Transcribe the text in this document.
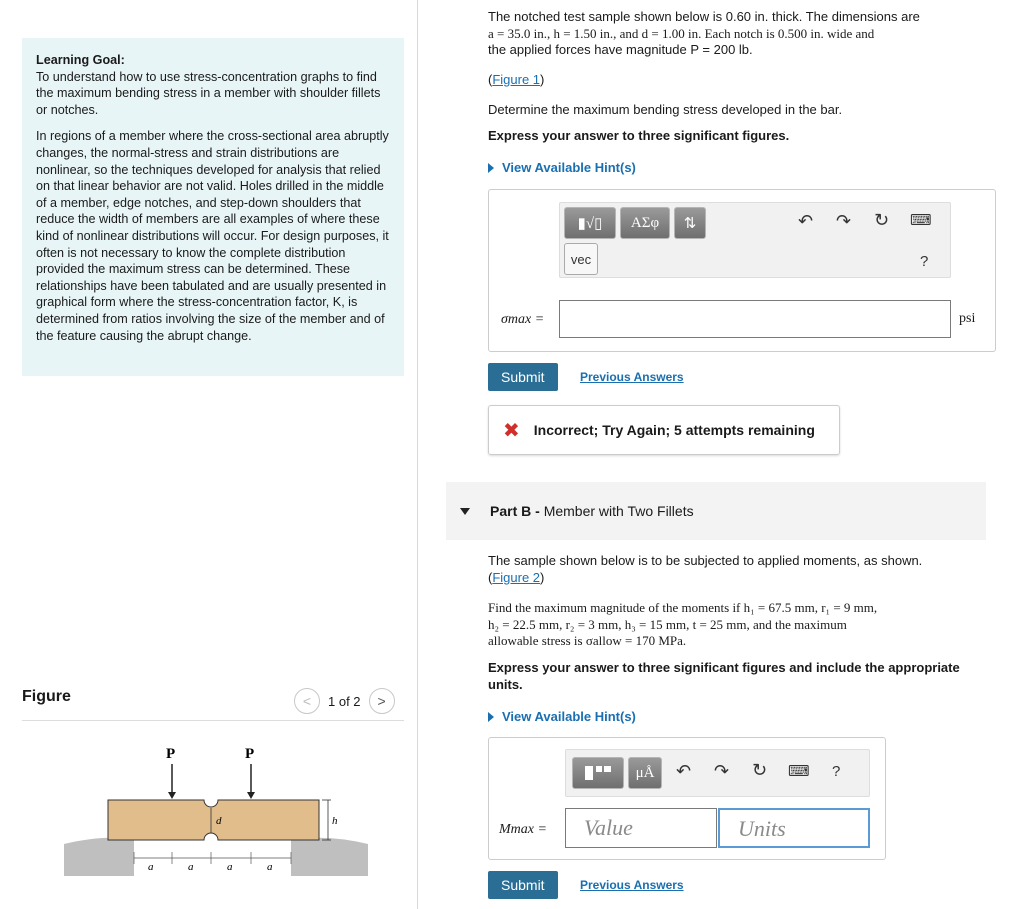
Learning Goal:
To understand how to use stress-concentration graphs to find the maximum bending stress in a member with shoulder fillets or notches.

In regions of a member where the cross-sectional area abruptly changes, the normal-stress and strain distributions are nonlinear, so the techniques developed for analysis that relied on that linear behavior are not valid. Holes drilled in the middle of a member, edge notches, and step-down shoulders that reduce the width of members are all examples of where these kind of nonlinear distributions will occur. For design purposes, it often is not necessary to know the complete distribution provided the maximum stress can be determined. These relationships have been tabulated and are usually presented in graphical form where the stress-concentration factor, K, is determined from ratios involving the size of the member and of the feature causing the abrupt change.

Figure	<	1 of 2	>
d	h
P	P
a	a	a	a
The notched test sample shown below is 0.60 in. thick. The dimensions are
a = 35.0 in., h = 1.50 in., and d = 1.00 in. Each notch is 0.500 in. wide and
the applied forces have magnitude P = 200 lb.
(Figure 1)
Determine the maximum bending stress developed in the bar.
Express your answer to three significant figures.
View Available Hint(s)
▮√▯	ΑΣφ	⇅
vec
↶ ↷ ↻ ⌨
?
σmax =	psi
Submit	Previous Answers
✖ Incorrect; Try Again; 5 attempts remaining
Part B -
Member with Two Fillets
The sample shown below is to be subjected to applied moments, as shown.
(Figure 2)
Find the maximum magnitude of the moments if h₁ = 67.5 mm, r₁ = 9 mm,
h₂ = 22.5 mm, r₂ = 3 mm, h₃ = 15 mm, t = 25 mm, and the maximum
allowable stress is σallow = 170 MPa.
Express your answer to three significant figures and include the appropriate units.
View Available Hint(s)
μÅ	↶ ↷ ↻ ⌨ ?
Mmax = Value	Units
Submit	Previous Answers
